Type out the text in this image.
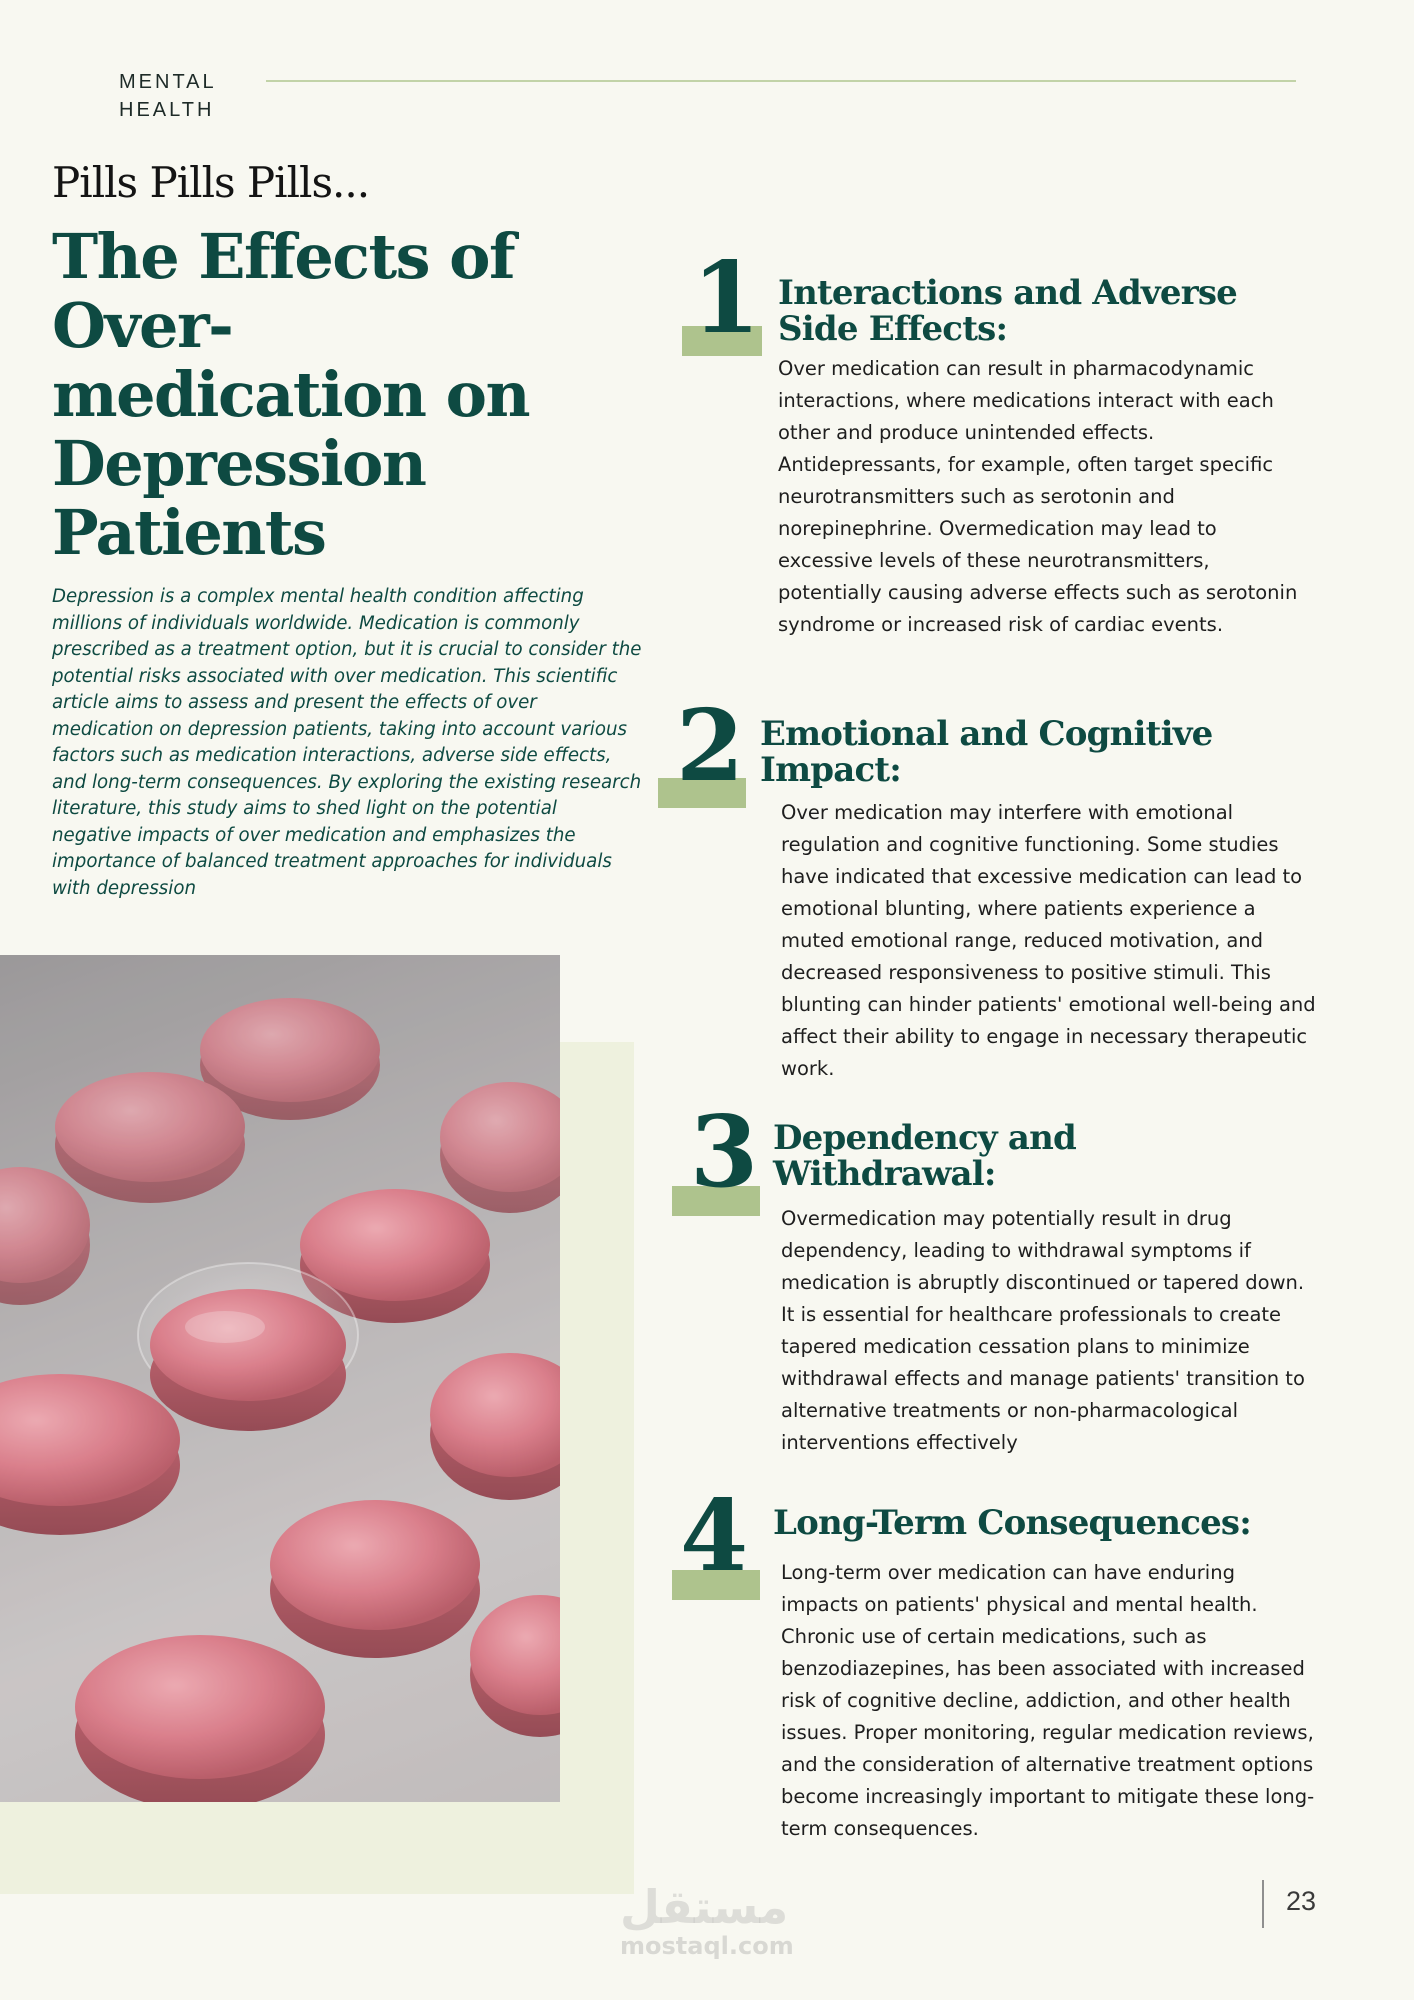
MENTAL
HEALTH
Pills Pills Pills...
The Effects of
Over-
medication on
Depression
Patients
Depression is a complex mental health condition affecting millions of individuals worldwide. Medication is commonly prescribed as a treatment option, but it is crucial to consider the potential risks associated with over medication. This scientific article aims to assess and present the effects of over medication on depression patients, taking into account various factors such as medication interactions, adverse side effects, and long-term consequences. By exploring the existing research literature, this study aims to shed light on the potential negative impacts of over medication and emphasizes the importance of balanced treatment approaches for individuals with depression
1 Interactions and Adverse Side Effects:
Over medication can result in pharmacodynamic interactions, where medications interact with each other and produce unintended effects. Antidepressants, for example, often target specific neurotransmitters such as serotonin and norepinephrine. Overmedication may lead to excessive levels of these neurotransmitters, potentially causing adverse effects such as serotonin syndrome or increased risk of cardiac events.
2 Emotional and Cognitive Impact:
Over medication may interfere with emotional regulation and cognitive functioning. Some studies have indicated that excessive medication can lead to emotional blunting, where patients experience a muted emotional range, reduced motivation, and decreased responsiveness to positive stimuli. This blunting can hinder patients' emotional well-being and affect their ability to engage in necessary therapeutic work.
3 Dependency and Withdrawal:
Overmedication may potentially result in drug dependency, leading to withdrawal symptoms if medication is abruptly discontinued or tapered down. It is essential for healthcare professionals to create tapered medication cessation plans to minimize withdrawal effects and manage patients' transition to alternative treatments or non-pharmacological interventions effectively
4 Long-Term Consequences:
Long-term over medication can have enduring impacts on patients' physical and mental health. Chronic use of certain medications, such as benzodiazepines, has been associated with increased risk of cognitive decline, addiction, and other health issues. Proper monitoring, regular medication reviews, and the consideration of alternative treatment options become increasingly important to mitigate these long-term consequences.
مستقل
mostaql.com
23
